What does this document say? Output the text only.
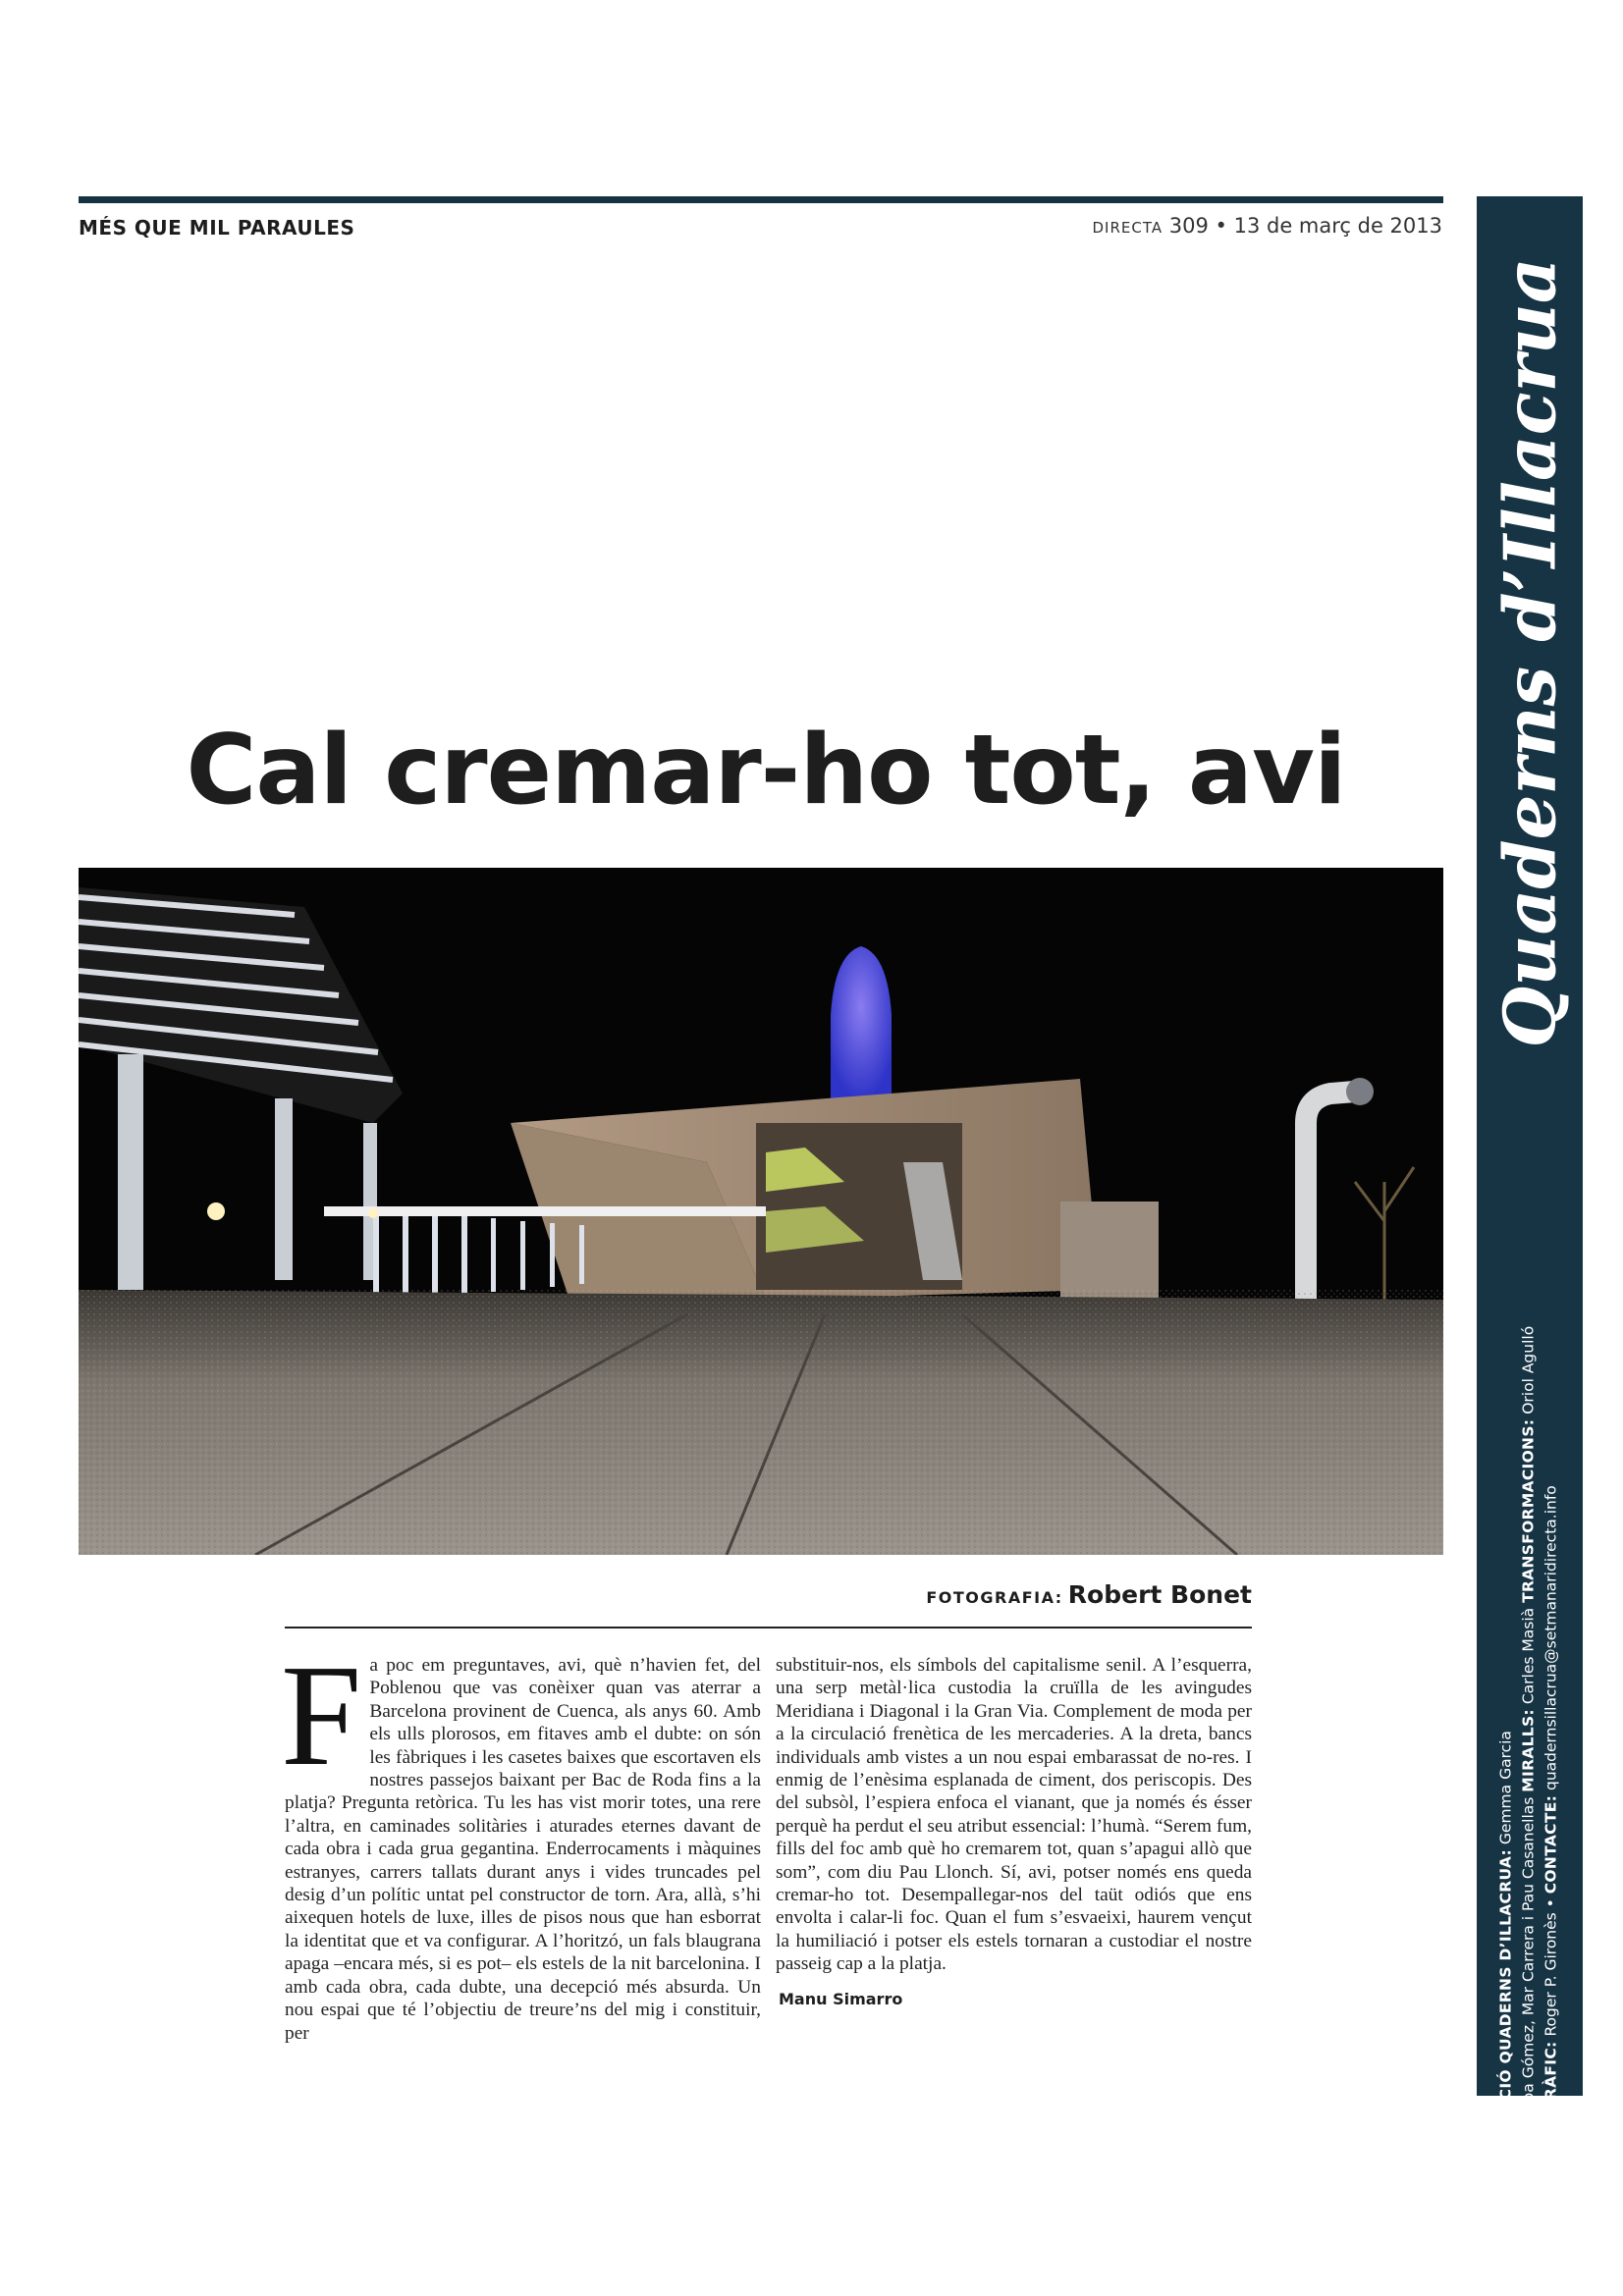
MÉS QUE MIL PARAULES	DIRECTA 309 • 13 de març de 2013
Cal cremar-ho tot, avi
FOTOGRAFIA: Robert Bonet
Fa poc em preguntaves, avi, què n’havien fet, del Poblenou que vas conèixer quan vas aterrar a Barcelona provinent de Cuenca, als anys 60. Amb els ulls plorosos, em fitaves amb el dubte: on són les fàbriques i les casetes baixes que escortaven els nostres passejos baixant per Bac de Roda fins a la platja? Pregunta retòrica. Tu les has vist morir totes, una rere l’altra, en caminades solitàries i aturades eternes davant de cada obra i cada grua gegantina. Enderrocaments i màquines estranyes, carrers tallats durant anys i vides truncades pel desig d’un polític untat pel constructor de torn. Ara, allà, s’hi aixequen hotels de luxe, illes de pisos nous que han esborrat la identitat que et va configurar. A l’horitzó, un fals blaugrana apaga –encara més, si es pot– els estels de la nit barcelonina. I amb cada obra, cada dubte, una decepció més absurda. Un nou espai que té l’objectiu de treure’ns del mig i constituir, per
substituir-nos, els símbols del capitalisme senil. A l’esquerra, una serp metàl·lica custodia la cruïlla de les avingudes Meridiana i Diagonal i la Gran Via. Complement de moda per a la circulació frenètica de les mercaderies. A la dreta, bancs individuals amb vistes a un nou espai embarassat de no-res. I enmig de l’enèsima esplanada de ciment, dos periscopis. Des del subsòl, l’espiera enfoca el vianant, que ja només és ésser perquè ha perdut el seu atribut essencial: l’humà. “Serem fum, fills del foc amb què ho cremarem tot, quan s’apagui allò que som”, com diu Pau Llonch. Sí, avi, potser només ens queda cremar-ho tot. Desempallegar-nos del taüt odiós que ens envolta i calar-li foc. Quan el fum s’esvaeixi, haurem vençut la humiliació i potser els estels tornaran a custodiar el nostre passeig cap a la platja.
Manu Simarro
Quaderns d’Illacrua
COORDINACIÓ QUADERNS D’ILLACRUA: Gemma Garcia
A FONS: Alba Gómez, Mar Carrera i Pau Casanellas MIRALLS: Carles Masià TRANSFORMACIONS: Oriol Agulló
DISSENY GRÀFIC: Roger P. Gironès • CONTACTE: quadernsillacrua@setmanaridirecta.info
